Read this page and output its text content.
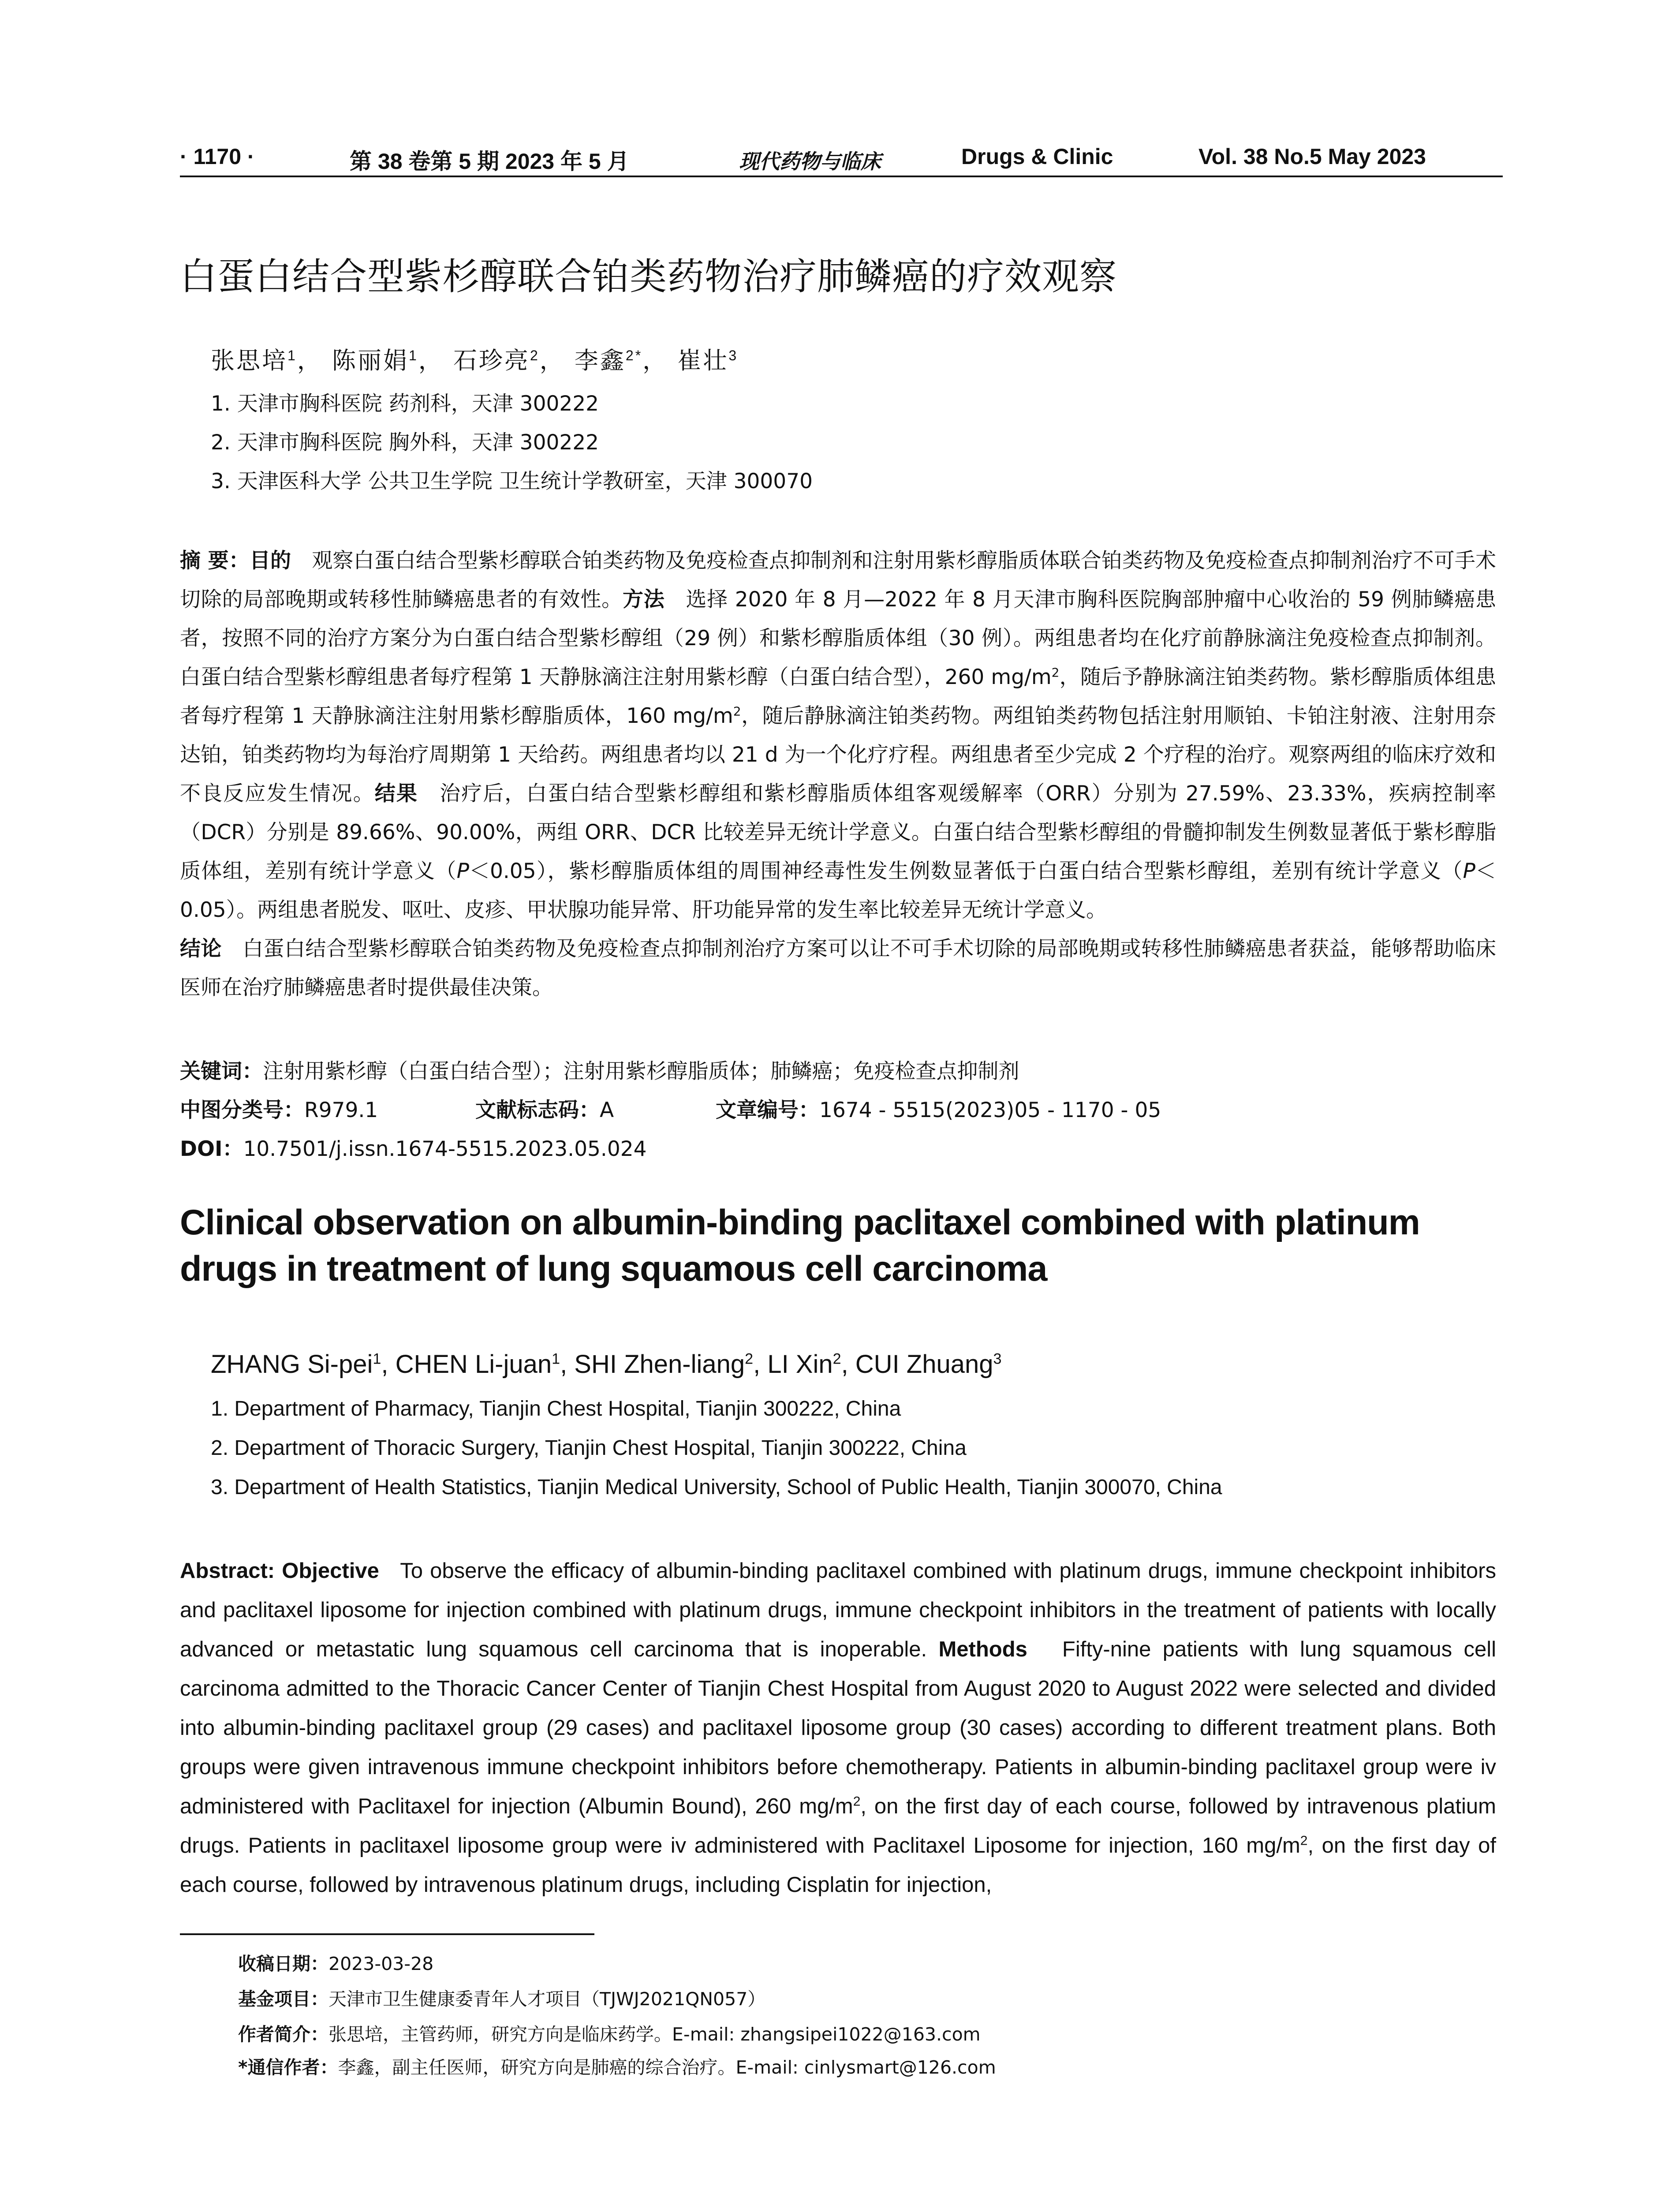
· 1170 ·	第 38 卷第 5 期 2023 年 5 月	现代药物与临床	Drugs & Clinic	Vol. 38 No.5 May 2023
白蛋白结合型紫杉醇联合铂类药物治疗肺鳞癌的疗效观察
张思培$^1$， 陈丽娟$^1$， 石珍亮$^2$， 李鑫$^{2*}$， 崔壮$^3$
1. 天津市胸科医院 药剂科，天津 300222
2. 天津市胸科医院 胸外科，天津 300222
3. 天津医科大学 公共卫生学院 卫生统计学教研室，天津 300070
摘 要：目的  观察白蛋白结合型紫杉醇联合铂类药物及免疫检查点抑制剂和注射用紫杉醇脂质体联合铂类药物及免疫检查点抑制剂治疗不可手术切除的局部晚期或转移性肺鳞癌患者的有效性。方法  选择 2020 年 8 月—2022 年 8 月天津市胸科医院胸部肿瘤中心收治的 59 例肺鳞癌患者，按照不同的治疗方案分为白蛋白结合型紫杉醇组（29 例）和紫杉醇脂质体组（30 例）。两组患者均在化疗前静脉滴注免疫检查点抑制剂。白蛋白结合型紫杉醇组患者每疗程第 1 天静脉滴注注射用紫杉醇（白蛋白结合型），260 $mg/m^2$，随后予静脉滴注铂类药物。紫杉醇脂质体组患者每疗程第 1 天静脉滴注注射用紫杉醇脂质体，160 $mg/m^2$，随后静脉滴注铂类药物。两组铂类药物包括注射用顺铂、卡铂注射液、注射用奈达铂，铂类药物均为每治疗周期第 1 天给药。两组患者均以 21 d 为一个化疗疗程。两组患者至少完成 2 个疗程的治疗。观察两组的临床疗效和不良反应发生情况。结果  治疗后，白蛋白结合型紫杉醇组和紫杉醇脂质体组客观缓解率（ORR）分别为 27.59%、23.33%，疾病控制率（DCR）分别是 89.66%、90.00%，两组 ORR、DCR 比较差异无统计学意义。白蛋白结合型紫杉醇组的骨髓抑制发生例数显著低于紫杉醇脂质体组，差别有统计学意义（P＜0.05），紫杉醇脂质体组的周围神经毒性发生例数显著低于白蛋白结合型紫杉醇组，差别有统计学意义（P＜0.05）。两组患者脱发、呕吐、皮疹、甲状腺功能异常、肝功能异常的发生率比较差异无统计学意义。
结论  白蛋白结合型紫杉醇联合铂类药物及免疫检查点抑制剂治疗方案可以让不可手术切除的局部晚期或转移性肺鳞癌患者获益，能够帮助临床医师在治疗肺鳞癌患者时提供最佳决策。
关键词：注射用紫杉醇（白蛋白结合型）；注射用紫杉醇脂质体；肺鳞癌；免疫检查点抑制剂
中图分类号：R979.1	文献标志码：A	文章编号：1674 - 5515(2023)05 - 1170 - 05
DOI：10.7501/j.issn.1674-5515.2023.05.024
Clinical observation on albumin-binding paclitaxel combined with platinum drugs in treatment of lung squamous cell carcinoma
ZHANG Si-pei$^1$, CHEN Li-juan$^1$, SHI Zhen-liang$^2$, LI Xin$^2$, CUI Zhuang$^3$
1. Department of Pharmacy, Tianjin Chest Hospital, Tianjin 300222, China
2. Department of Thoracic Surgery, Tianjin Chest Hospital, Tianjin 300222, China
3. Department of Health Statistics, Tianjin Medical University, School of Public Health, Tianjin 300070, China
Abstract: Objective To observe the efficacy of albumin-binding paclitaxel combined with platinum drugs, immune checkpoint inhibitors and paclitaxel liposome for injection combined with platinum drugs, immune checkpoint inhibitors in the treatment of patients with locally advanced or metastatic lung squamous cell carcinoma that is inoperable. Methods Fifty-nine patients with lung squamous cell carcinoma admitted to the Thoracic Cancer Center of Tianjin Chest Hospital from August 2020 to August 2022 were selected and divided into albumin-binding paclitaxel group (29 cases) and paclitaxel liposome group (30 cases) according to different treatment plans. Both groups were given intravenous immune checkpoint inhibitors before chemotherapy. Patients in albumin-binding paclitaxel group were iv administered with Paclitaxel for injection (Albumin Bound), 260 $mg/m^2$, on the first day of each course, followed by intravenous platium drugs. Patients in paclitaxel liposome group were iv administered with Paclitaxel Liposome for injection, 160 $mg/m^2$, on the first day of each course, followed by intravenous platinum drugs, including Cisplatin for injection,
收稿日期：2023-03-28
基金项目：天津市卫生健康委青年人才项目（TJWJ2021QN057）
作者简介：张思培，主管药师，研究方向是临床药学。E-mail: zhangsipei1022@163.com
*通信作者：李鑫，副主任医师，研究方向是肺癌的综合治疗。E-mail: cinlysmart@126.com
